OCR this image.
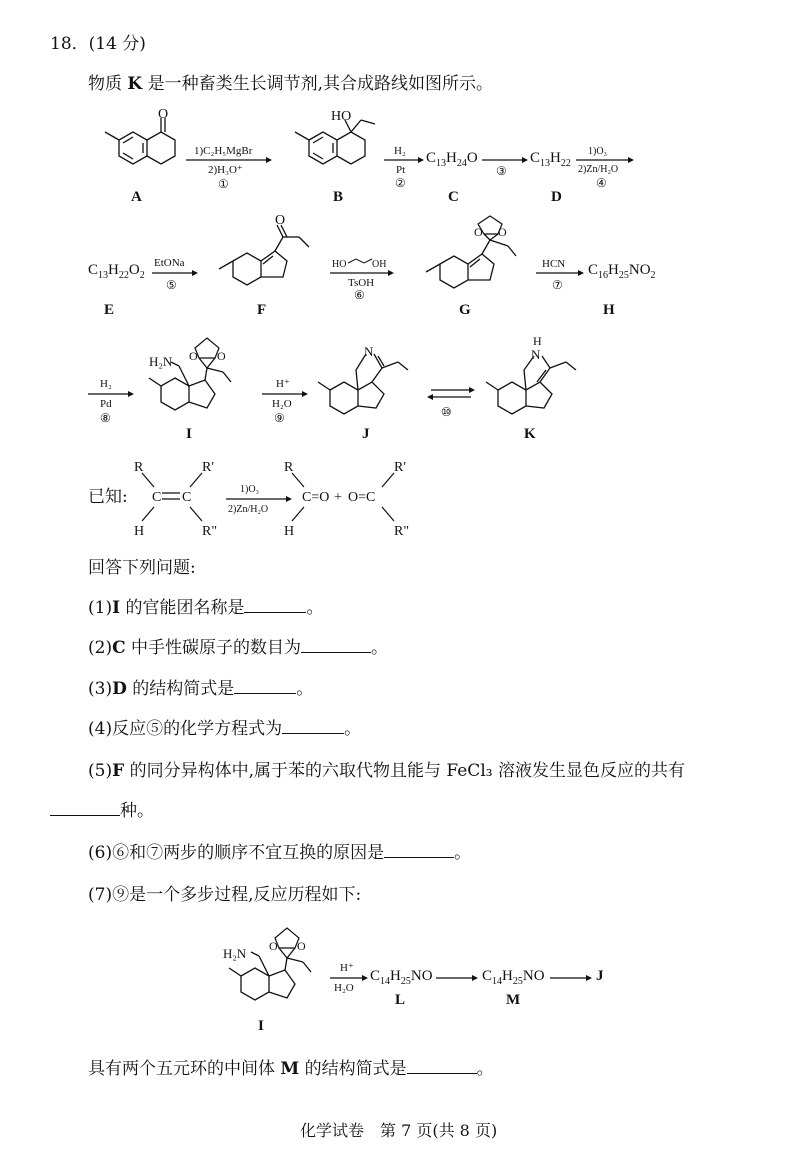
18．(14 分)
物质 K 是一种畜类生长调节剂,其合成路线如图所示。
O
A
1)C₂H₅MgBr
2)H₃O⁺
①
HO
B
H₂
Pt
②
$C_{13}H_{24}O$
C
③
$C_{13}H_{22}$
D
1)O₃
2)Zn/H₂O
④
$C_{13}H_{22}O_2$
E
EtONa
⑤
O
F
HO	OH
TsOH
⑥
O O
G
HCN
⑦
$C_{16}H_{25}NO_2$
H
H₂
Pd
⑧
H₂N O O
I
H⁺
H₂O
⑨
N
J
⑩
H
N
K
已知:
R
H
C C
R'
R"
1)O₃
2)Zn/H₂O
R
H
C=O + O=C
R'
R"
回答下列问题:
(1)I 的官能团名称是	。
(2)C 中手性碳原子的数目为	。
(3)D 的结构简式是	。
(4)反应⑤的化学方程式为	。
(5)F 的同分异构体中,属于苯的六取代物且能与 FeCl₃ 溶液发生显色反应的共有
种。
(6)⑥和⑦两步的顺序不宜互换的原因是	。
(7)⑨是一个多步过程,反应历程如下:
H₂N O O
I
H⁺
H₂O
$C_{14}H_{25}NO$
L
$C_{14}H_{25}NO$
M
J
具有两个五元环的中间体 M 的结构简式是	。
化学试卷　第 7 页(共 8 页)
